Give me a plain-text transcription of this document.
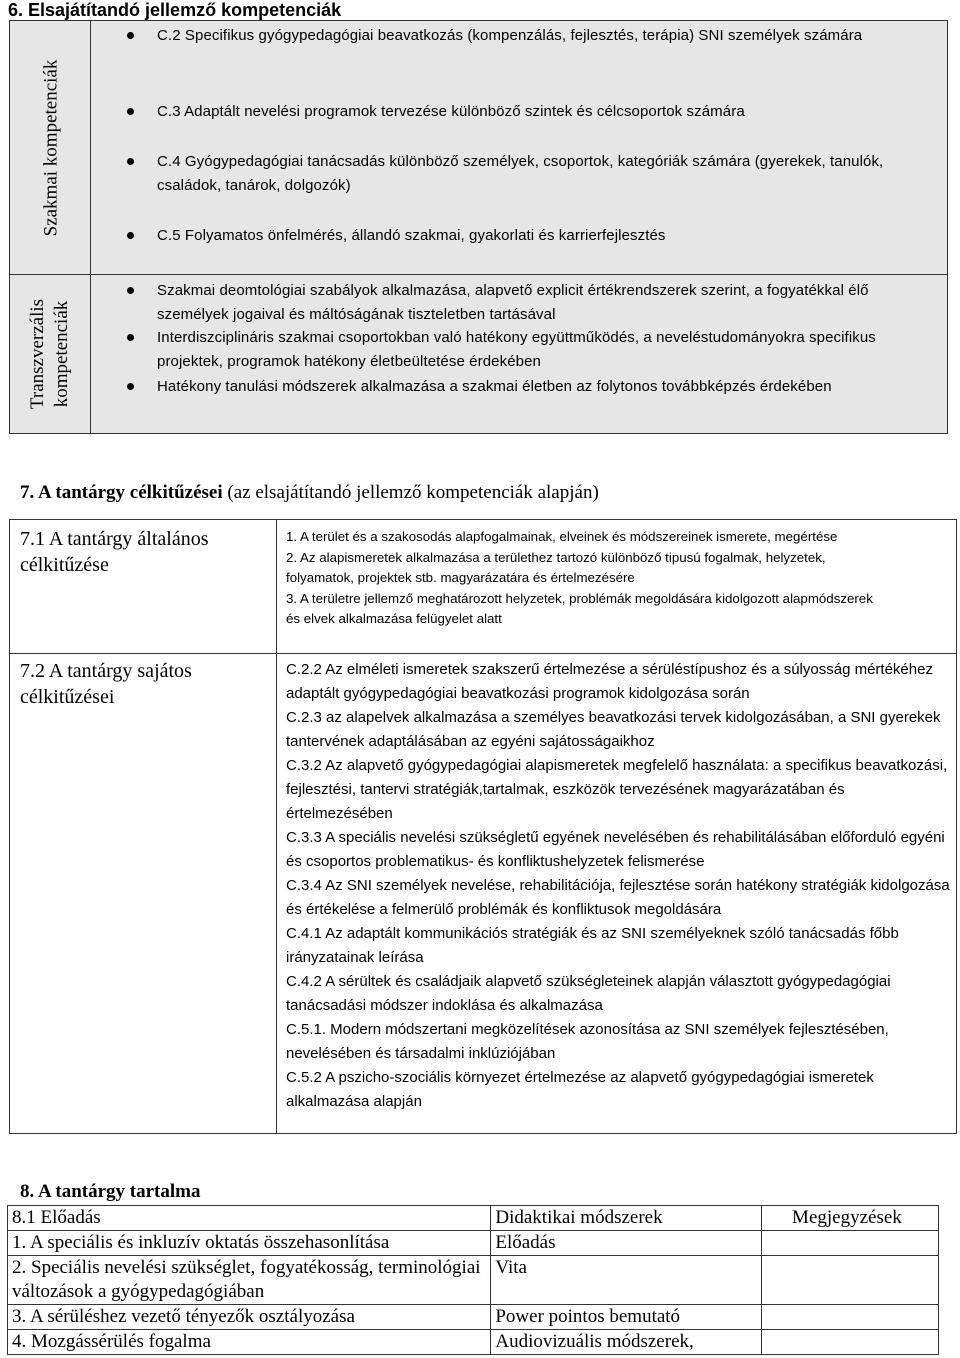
6. Elsajátítandó jellemző kompetenciák
Szakmai kompetenciák
C.2 Specifikus gyógypedagógiai beavatkozás (kompenzálás, fejlesztés, terápia) SNI személyek számára
C.3 Adaptált nevelési programok tervezése különböző szintek és célcsoportok számára
C.4 Gyógypedagógiai tanácsadás különböző személyek, csoportok, kategóriák számára (gyerekek, tanulók, családok, tanárok, dolgozók)
C.5 Folyamatos önfelmérés, állandó szakmai, gyakorlati és karrierfejlesztés
Transzverzális kompetenciák
Szakmai deomtológiai szabályok alkalmazása, alapvető explicit értékrendszerek szerint, a fogyatékkal élő személyek jogaival és máltóságának tiszteletben tartásával
Interdiszciplináris szakmai csoportokban való hatékony együttműködés, a neveléstudományokra specifikus projektek, programok hatékony életbeültetése érdekében
Hatékony tanulási módszerek alkalmazása a szakmai életben az folytonos továbbképzés érdekében
7. A tantárgy célkitűzései (az elsajátítandó jellemző kompetenciák alapján)
7.1 A tantárgy általános célkitűzése
1. A terület és a szakosodás alapfogalmainak, elveinek és módszereinek ismerete, megértése
2. Az alapismeretek alkalmazása a területhez tartozó különböző tipusú fogalmak, helyzetek, folyamatok, projektek stb. magyarázatára és értelmezésére
3. A területre jellemző meghatározott helyzetek, problémák megoldására kidolgozott alapmódszerek és elvek alkalmazása felügyelet alatt
7.2 A tantárgy sajátos célkitűzései
C.2.2 Az elméleti ismeretek szakszerű értelmezése a sérüléstípushoz és a súlyosság mértékéhez adaptált gyógypedagógiai beavatkozási programok kidolgozása során
C.2.3 az alapelvek alkalmazása a személyes beavatkozási tervek kidolgozásában, a SNI gyerekek tantervének adaptálásában az egyéni sajátosságaikhoz
C.3.2 Az alapvető gyógypedagógiai alapismeretek megfelelő használata: a specifikus beavatkozási, fejlesztési, tantervi stratégiák,tartalmak, eszközök tervezésének magyarázatában és értelmezésében
C.3.3 A speciális nevelési szükségletű egyének nevelésében és rehabilitálásában előforduló egyéni és csoportos problematikus- és konfliktushelyzetek felismerése
C.3.4 Az SNI személyek nevelése, rehabilitációja, fejlesztése során hatékony stratégiák kidolgozása és értékelése a felmerülő problémák és konfliktusok megoldására
C.4.1 Az adaptált kommunikációs stratégiák és az SNI személyeknek szóló tanácsadás főbb irányzatainak leírása
C.4.2 A sérültek és családjaik alapvető szükségleteinek alapján választott gyógypedagógiai tanácsadási módszer indoklása és alkalmazása
C.5.1. Modern módszertani megközelítések azonosítása az SNI személyek fejlesztésében, nevelésében és társadalmi inklúziójában
C.5.2 A pszicho-szociális környezet értelmezése az alapvető gyógypedagógiai ismeretek alkalmazása alapján
8. A tantárgy tartalma
8.1 Előadás	Didaktikai módszerek	Megjegyzések
1. A speciális és inkluzív oktatás összehasonlítása	Előadás	
2. Speciális nevelési szükséglet, fogyatékosság, terminológiai változások a gyógypedagógiában	Vita	
3. A sérüléshez vezető tényezők osztályozása	Power pointos bemutató	
4. Mozgássérülés fogalma	Audiovizuális módszerek,	
